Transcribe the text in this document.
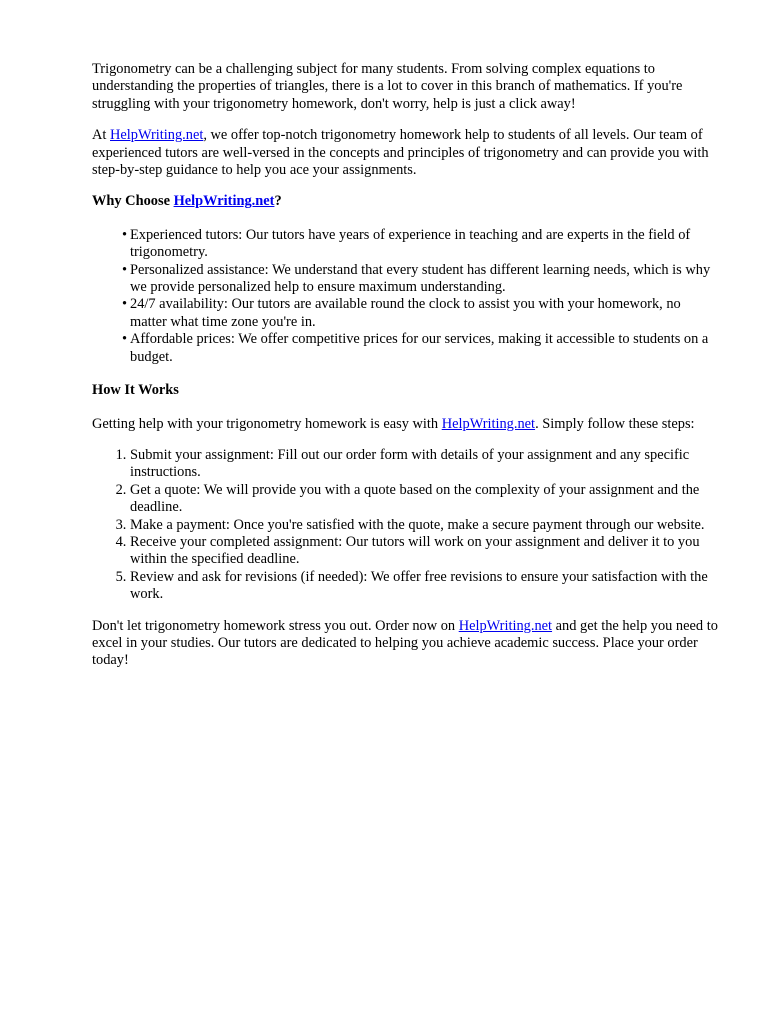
Trigonometry can be a challenging subject for many students. From solving complex equations to understanding the properties of triangles, there is a lot to cover in this branch of mathematics. If you're struggling with your trigonometry homework, don't worry, help is just a click away!

At HelpWriting.net, we offer top-notch trigonometry homework help to students of all levels. Our team of experienced tutors are well-versed in the concepts and principles of trigonometry and can provide you with step-by-step guidance to help you ace your assignments.

Why Choose HelpWriting.net?
• Experienced tutors: Our tutors have years of experience in teaching and are experts in the field of trigonometry.
• Personalized assistance: We understand that every student has different learning needs, which is why we provide personalized help to ensure maximum understanding.
• 24/7 availability: Our tutors are available round the clock to assist you with your homework, no matter what time zone you're in.
• Affordable prices: We offer competitive prices for our services, making it accessible to students on a budget.
How It Works

Getting help with your trigonometry homework is easy with HelpWriting.net. Simply follow these steps:

1. Submit your assignment: Fill out our order form with details of your assignment and any specific instructions.
2. Get a quote: We will provide you with a quote based on the complexity of your assignment and the deadline.
3. Make a payment: Once you're satisfied with the quote, make a secure payment through our website.
4. Receive your completed assignment: Our tutors will work on your assignment and deliver it to you within the specified deadline.
5. Review and ask for revisions (if needed): We offer free revisions to ensure your satisfaction with the work.

Don't let trigonometry homework stress you out. Order now on HelpWriting.net and get the help you need to excel in your studies. Our tutors are dedicated to helping you achieve academic success. Place your order today!
